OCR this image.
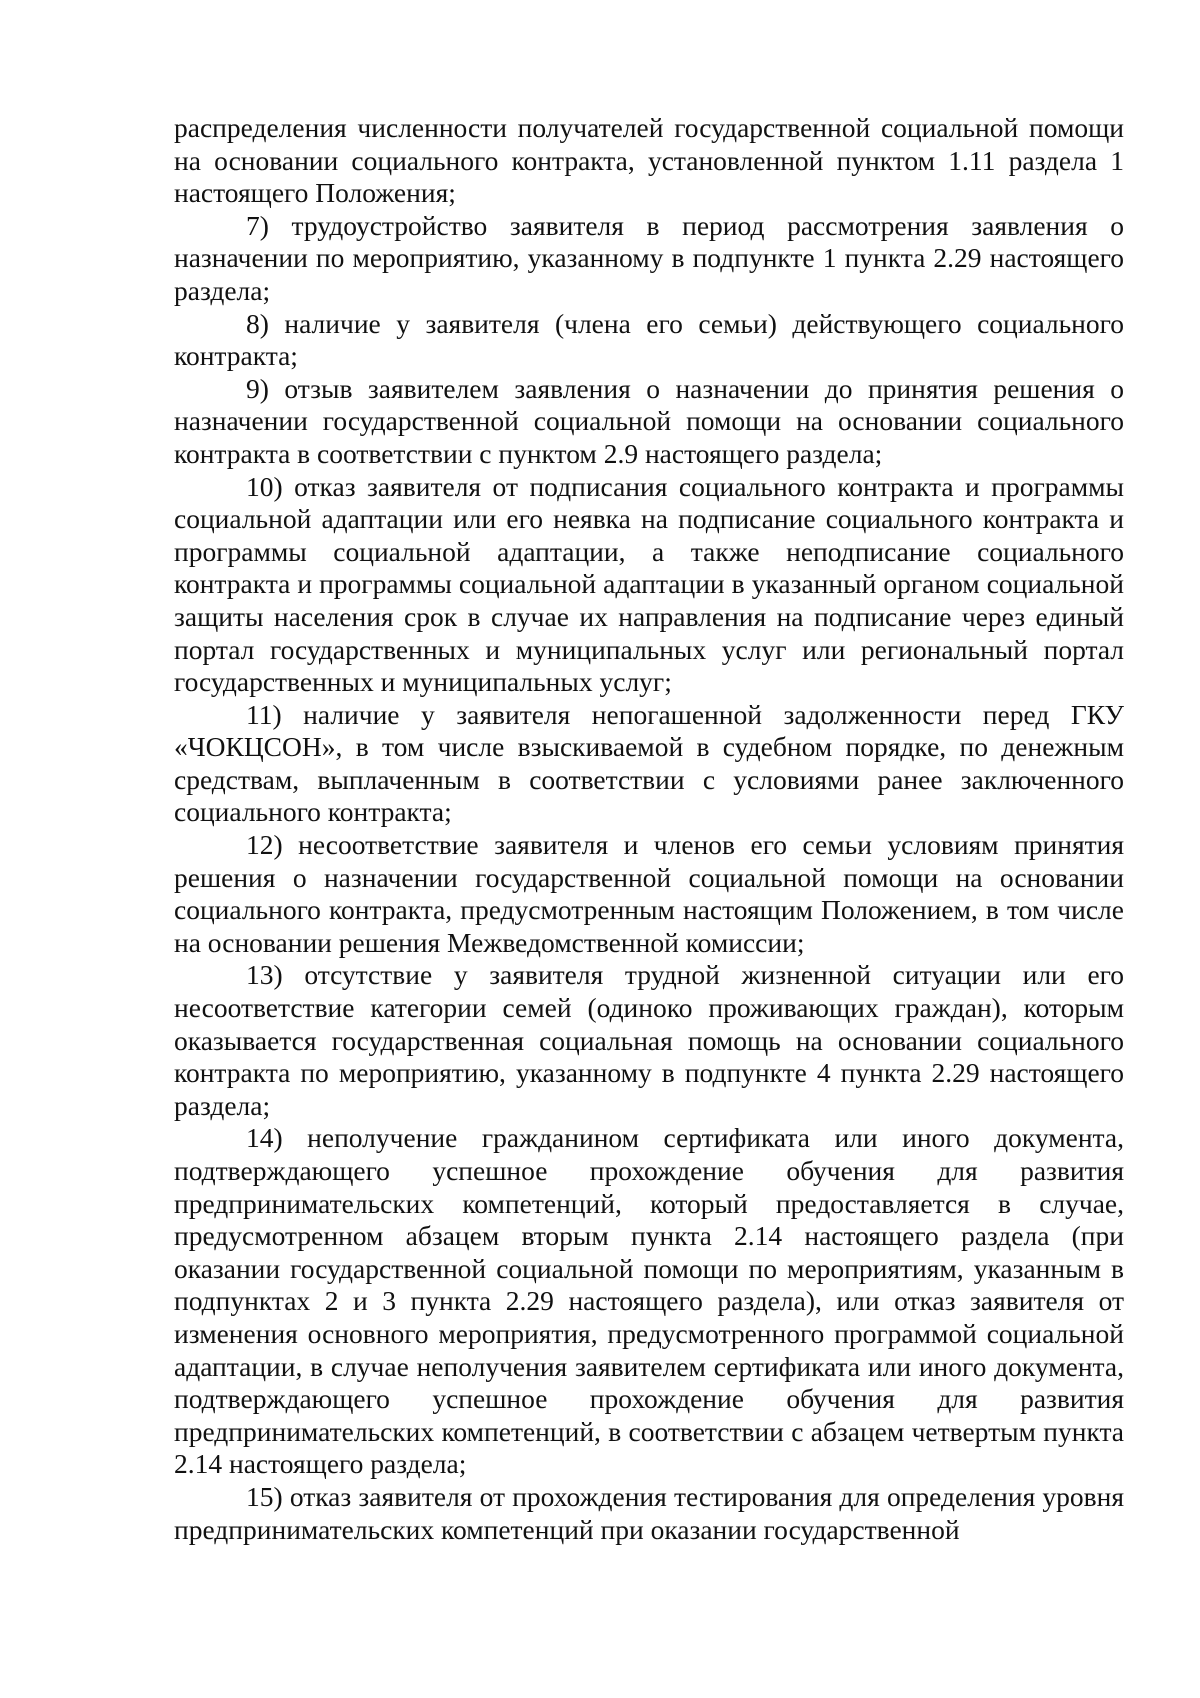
распределения численности получателей государственной социальной помощи на основании социального контракта, установленной пунктом 1.11 раздела 1 настоящего Положения;

7) трудоустройство заявителя в период рассмотрения заявления о назначении по мероприятию, указанному в подпункте 1 пункта 2.29 настоящего раздела;

8) наличие у заявителя (члена его семьи) действующего социального контракта;

9) отзыв заявителем заявления о назначении до принятия решения о назначении государственной социальной помощи на основании социального контракта в соответствии с пунктом 2.9 настоящего раздела;

10) отказ заявителя от подписания социального контракта и программы социальной адаптации или его неявка на подписание социального контракта и программы социальной адаптации, а также неподписание социального контракта и программы социальной адаптации в указанный органом социальной защиты населения срок в случае их направления на подписание через единый портал государственных и муниципальных услуг или региональный портал государственных и муниципальных услуг;

11) наличие у заявителя непогашенной задолженности перед ГКУ «ЧОКЦСОН», в том числе взыскиваемой в судебном порядке, по денежным средствам, выплаченным в соответствии с условиями ранее заключенного социального контракта;

12) несоответствие заявителя и членов его семьи условиям принятия решения о назначении государственной социальной помощи на основании социального контракта, предусмотренным настоящим Положением, в том числе на основании решения Межведомственной комиссии;

13) отсутствие у заявителя трудной жизненной ситуации или его несоответствие категории семей (одиноко проживающих граждан), которым оказывается государственная социальная помощь на основании социального контракта по мероприятию, указанному в подпункте 4 пункта 2.29 настоящего раздела;

14) неполучение гражданином сертификата или иного документа, подтверждающего успешное прохождение обучения для развития предпринимательских компетенций, который предоставляется в случае, предусмотренном абзацем вторым пункта 2.14 настоящего раздела (при оказании государственной социальной помощи по мероприятиям, указанным в подпунктах 2 и 3 пункта 2.29 настоящего раздела), или отказ заявителя от изменения основного мероприятия, предусмотренного программой социальной адаптации, в случае неполучения заявителем сертификата или иного документа, подтверждающего успешное прохождение обучения для развития предпринимательских компетенций, в соответствии с абзацем четвертым пункта 2.14 настоящего раздела;

15) отказ заявителя от прохождения тестирования для определения уровня предпринимательских компетенций при оказании государственной
